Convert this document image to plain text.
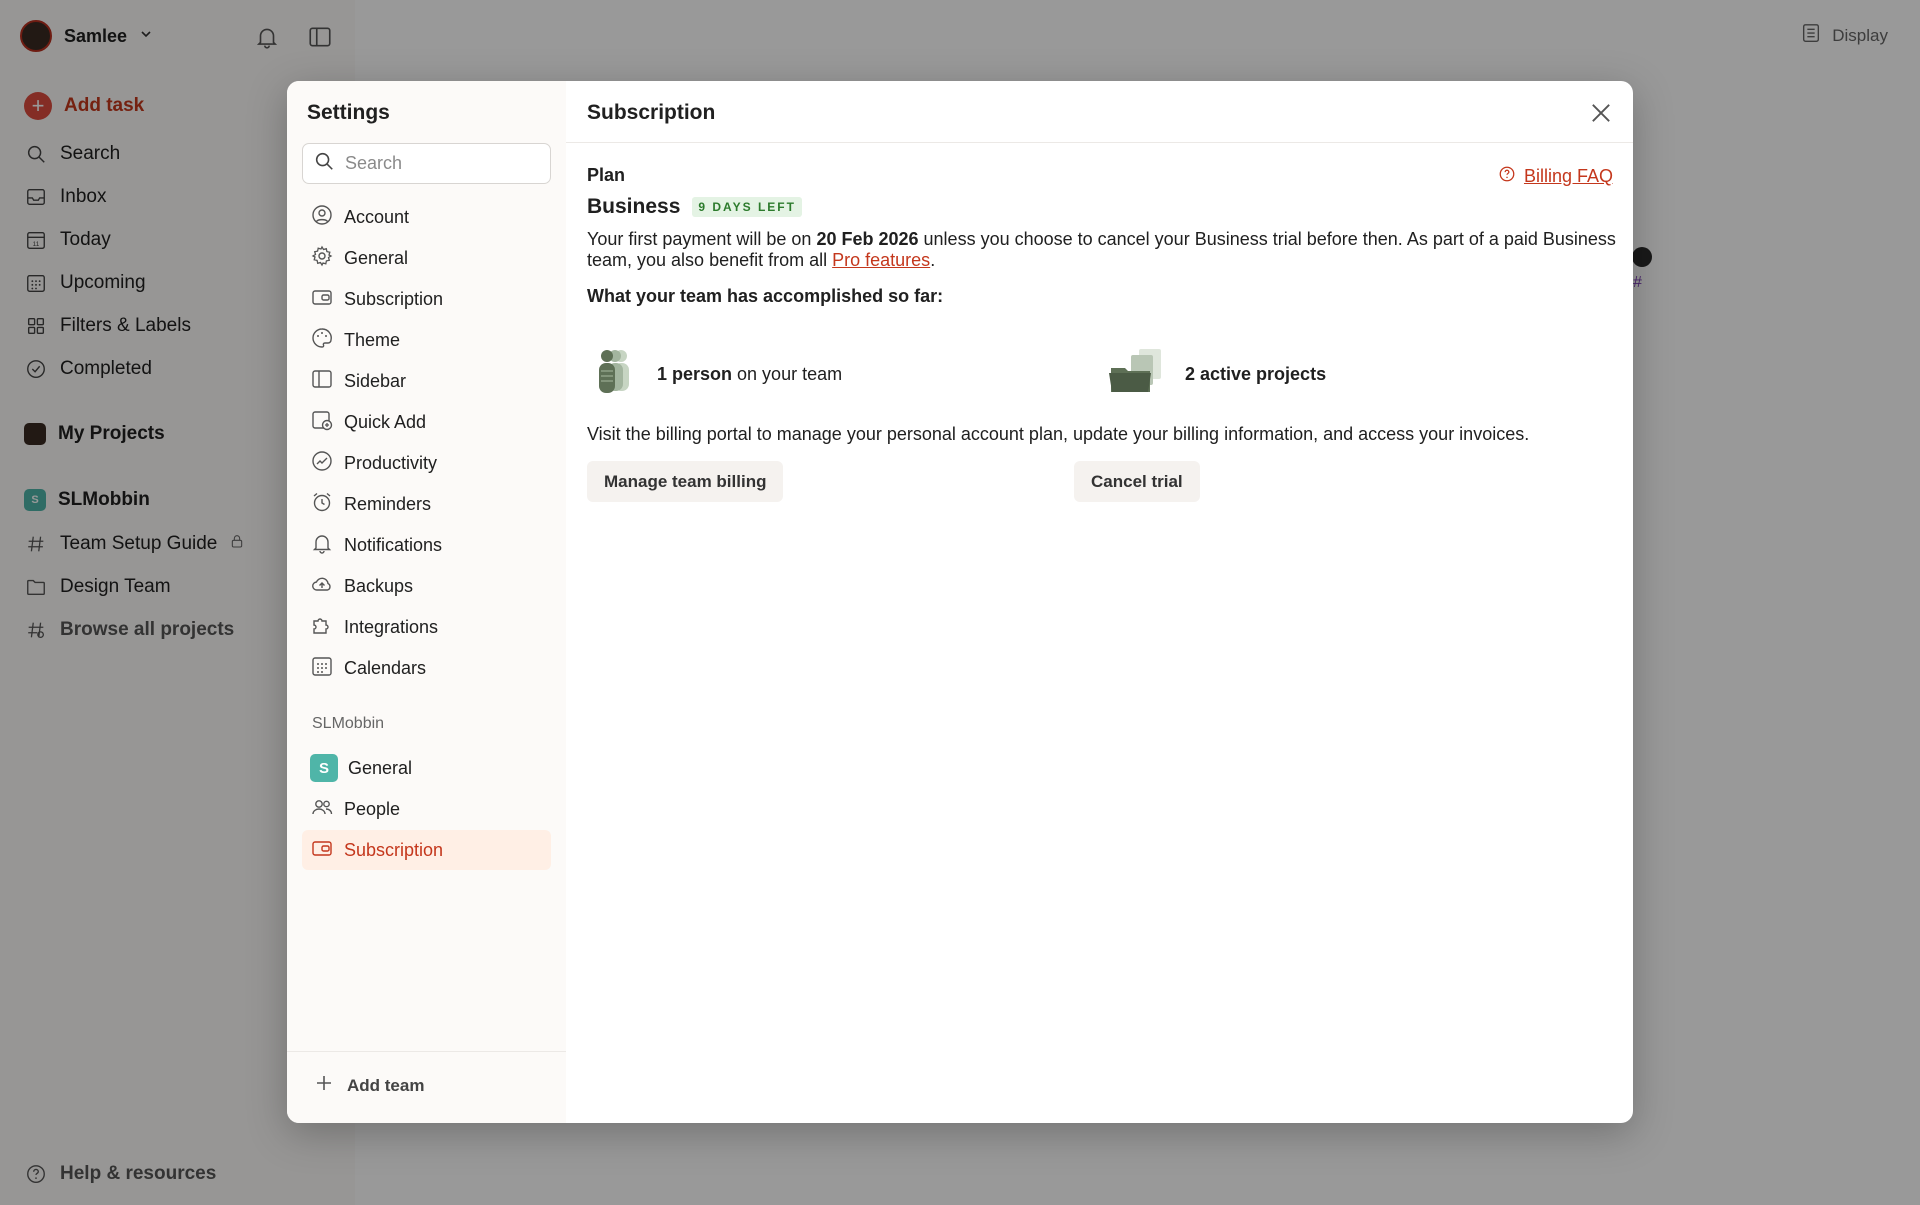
Samlee
+	Add task
Search
Inbox
11 Today
Upcoming
Filters & Labels
Completed
My Projects
S	SLMobbin
Team Setup Guide
Design Team
Browse all projects
Help & resources
Display
#
Settings
Search
Account
General
Subscription
Theme
Sidebar
Quick Add
Productivity
Reminders
Notifications
Backups
Integrations
Calendars
SLMobbin
S	General
People
Subscription
Add team
Subscription
Plan	Billing FAQ
Business	9 DAYS LEFT
Your first payment will be on 20 Feb 2026 unless you choose to cancel your Business trial before then. As part of a paid Business team, you also benefit from all Pro features.
What your team has accomplished so far:
1 person on your team	2 active projects
Visit the billing portal to manage your personal account plan, update your billing information, and access your invoices.
Manage team billing	Cancel trial
